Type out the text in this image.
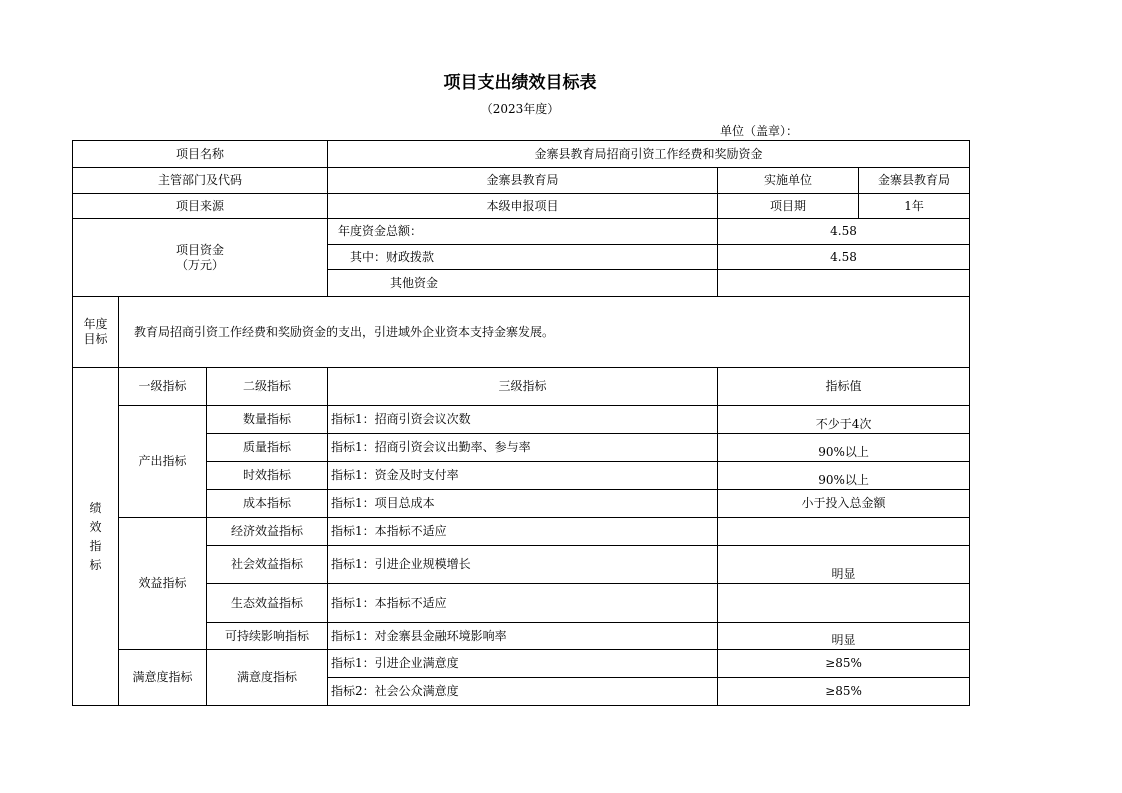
项目支出绩效目标表
（2023年度）
单位（盖章）：
项目名称			金寨县教育局招商引资工作经费和奖励资金		
主管部门及代码			金寨县教育局	实施单位	金寨县教育局
项目来源			本级申报项目	项目期	1年

项目资金
（万元）			年度资金总额：	4.58	
			其中：财政拨款	4.58	
			其他资金		

年度
目标	教育局招商引资工作经费和奖励资金的支出，引进域外企业资本支持金寨发展。				

绩
效
指
标	一级指标	二级指标	三级指标	指标值	
	产出指标	数量指标	指标1：招商引资会议次数	不少于4次	
		质量指标	指标1：招商引资会议出勤率、参与率	90%以上	
		时效指标	指标1：资金及时支付率	90%以上	
		成本指标	指标1：项目总成本	小于投入总金额	
	效益指标	经济效益指标	指标1：本指标不适应		
		社会效益指标	指标1：引进企业规模增长	明显	
		生态效益指标	指标1：本指标不适应		
		可持续影响指标	指标1：对金寨县金融环境影响率	明显	
	满意度指标	满意度指标	指标1：引进企业满意度	≥85%	
			指标2：社会公众满意度	≥85%	
